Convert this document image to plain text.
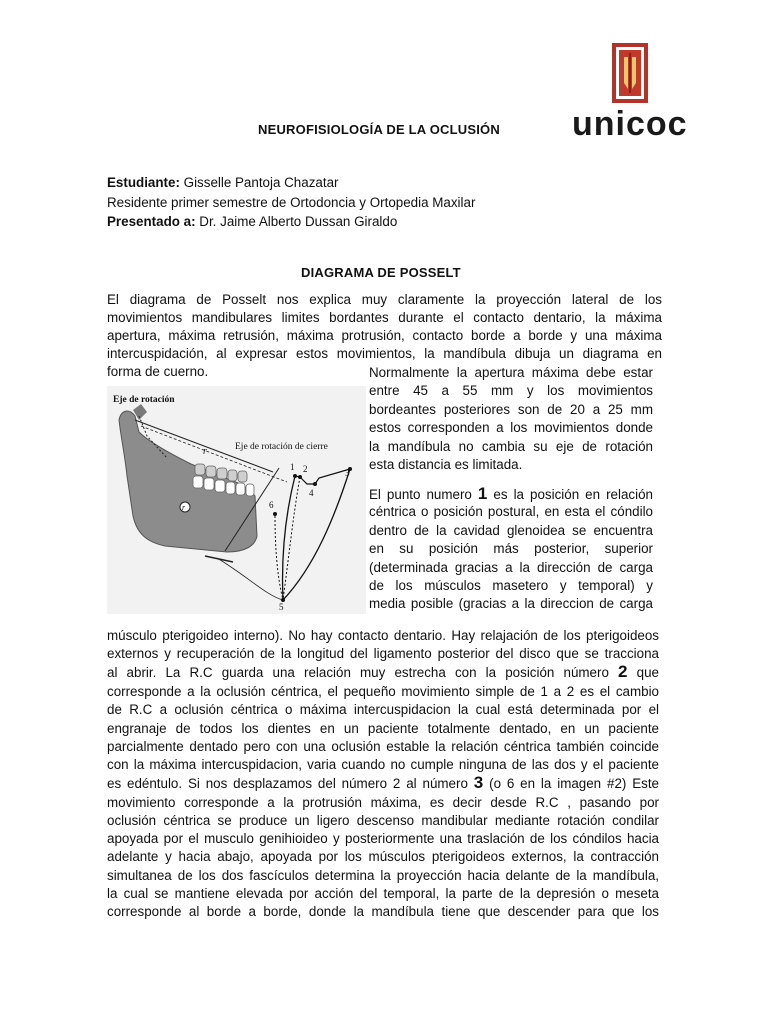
unicoc
NEUROFISIOLOGÍA DE LA OCLUSIÓN
Estudiante: Gisselle Pantoja Chazatar
Residente primer semestre de Ortodoncia y Ortopedia Maxilar
Presentado a: Dr. Jaime Alberto Dussan Giraldo
DIAGRAMA DE POSSELT
El diagrama de Posselt nos explica muy claramente la proyección lateral de los
movimientos mandibulares limites bordantes durante el contacto dentario, la máxima
apertura, máxima retrusión, máxima protrusión, contacto borde a borde y una máxima
intercuspidación, al expresar estos movimientos, la mandíbula dibuja un diagrama en
forma de cuerno.
Eje de rotación
Eje de rotación de cierre
r
r
1 2	3
4
5
6
Normalmente la apertura máxima debe estar
entre 45 a 55 mm y los movimientos
bordeantes posteriores son de 20 a 25 mm
estos corresponden a los movimientos donde
la mandíbula no cambia su eje de rotación
esta distancia es limitada.
El punto numero 1 es la posición en relación
céntrica o posición postural, en esta el cóndilo
dentro de la cavidad glenoidea se encuentra
en su posición más posterior, superior
(determinada gracias a la dirección de carga
de los músculos masetero y temporal) y
media posible (gracias a la direccion de carga
músculo pterigoideo interno). No hay contacto dentario. Hay relajación de los pterigoideos
externos y recuperación de la longitud del ligamento posterior del disco que se tracciona
al abrir. La R.C guarda una relación muy estrecha con la posición número 2 que
corresponde a la oclusión céntrica, el pequeño movimiento simple de 1 a 2 es el cambio
de R.C a oclusión céntrica o máxima intercuspidacion la cual está determinada por el
engranaje de todos los dientes en un paciente totalmente dentado, en un paciente
parcialmente dentado pero con una oclusión estable la relación céntrica también coincide
con la máxima intercuspidacion, varia cuando no cumple ninguna de las dos y el paciente
es edéntulo. Si nos desplazamos del número 2 al número 3 (o 6 en la imagen #2) Este
movimiento corresponde a la protrusión máxima, es decir desde R.C , pasando por
oclusión céntrica se produce un ligero descenso mandibular mediante rotación condilar
apoyada por el musculo genihioideo y posteriormente una traslación de los cóndilos hacia
adelante y hacia abajo, apoyada por los músculos pterigoideos externos, la contracción
simultanea de los dos fascículos determina la proyección hacia delante de la mandíbula,
la cual se mantiene elevada por acción del temporal, la parte de la depresión o meseta
corresponde al borde a borde, donde la mandíbula tiene que descender para que los
